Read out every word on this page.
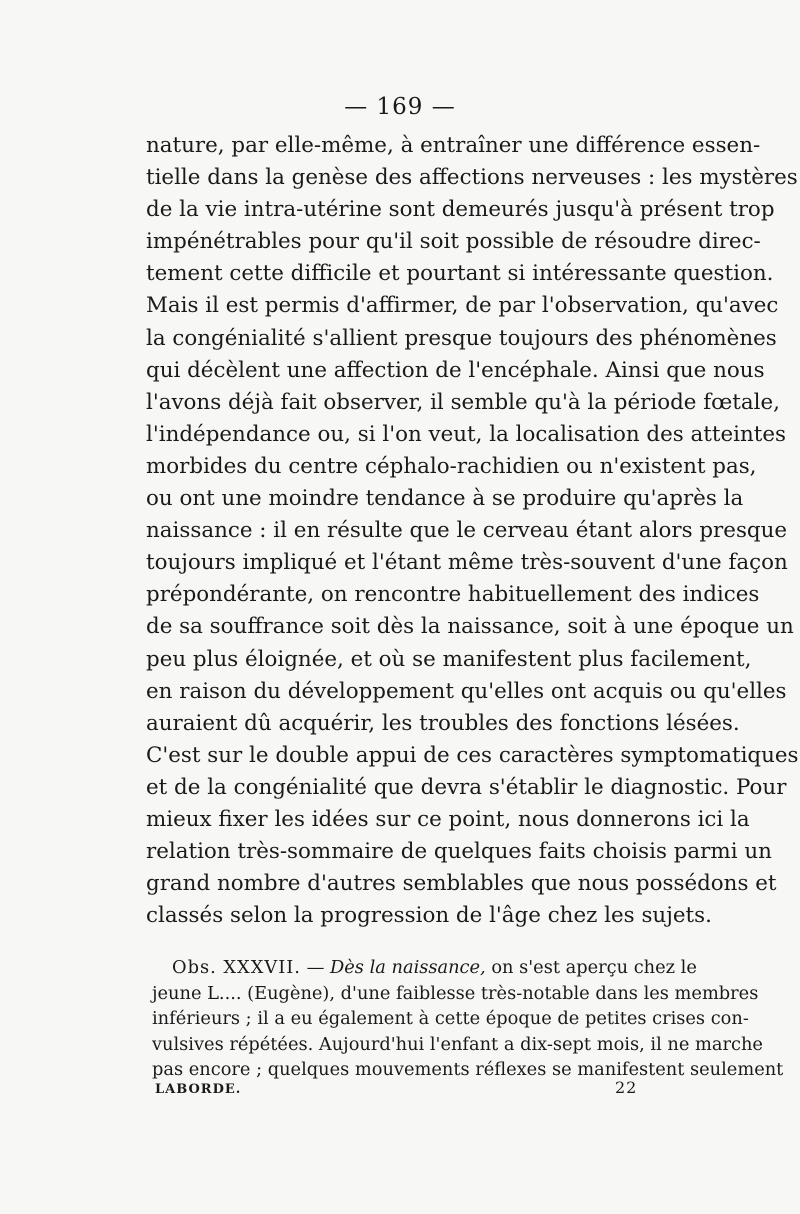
— 169 —
nature, par elle-même, à entraîner une différence essen-
tielle dans la genèse des affections nerveuses : les mystères
de la vie intra-utérine sont demeurés jusqu'à présent trop
impénétrables pour qu'il soit possible de résoudre direc-
tement cette difficile et pourtant si intéressante question.
Mais il est permis d'affirmer, de par l'observation, qu'avec
la congénialité s'allient presque toujours des phénomènes
qui décèlent une affection de l'encéphale. Ainsi que nous
l'avons déjà fait observer, il semble qu'à la période fœtale,
l'indépendance ou, si l'on veut, la localisation des atteintes
morbides du centre céphalo-rachidien ou n'existent pas,
ou ont une moindre tendance à se produire qu'après la
naissance : il en résulte que le cerveau étant alors presque
toujours impliqué et l'étant même très-souvent d'une façon
prépondérante, on rencontre habituellement des indices
de sa souffrance soit dès la naissance, soit à une époque un
peu plus éloignée, et où se manifestent plus facilement,
en raison du développement qu'elles ont acquis ou qu'elles
auraient dû acquérir, les troubles des fonctions lésées.
C'est sur le double appui de ces caractères symptomatiques
et de la congénialité que devra s'établir le diagnostic. Pour
mieux fixer les idées sur ce point, nous donnerons ici la
relation très-sommaire de quelques faits choisis parmi un
grand nombre d'autres semblables que nous possédons et
classés selon la progression de l'âge chez les sujets.
Obs. XXXVII. — Dès la naissance, on s'est aperçu chez le
jeune L.... (Eugène), d'une faiblesse très-notable dans les membres
inférieurs ; il a eu également à cette époque de petites crises con-
vulsives répétées. Aujourd'hui l'enfant a dix-sept mois, il ne marche
pas encore ; quelques mouvements réflexes se manifestent seulement
LABORDE.	22
